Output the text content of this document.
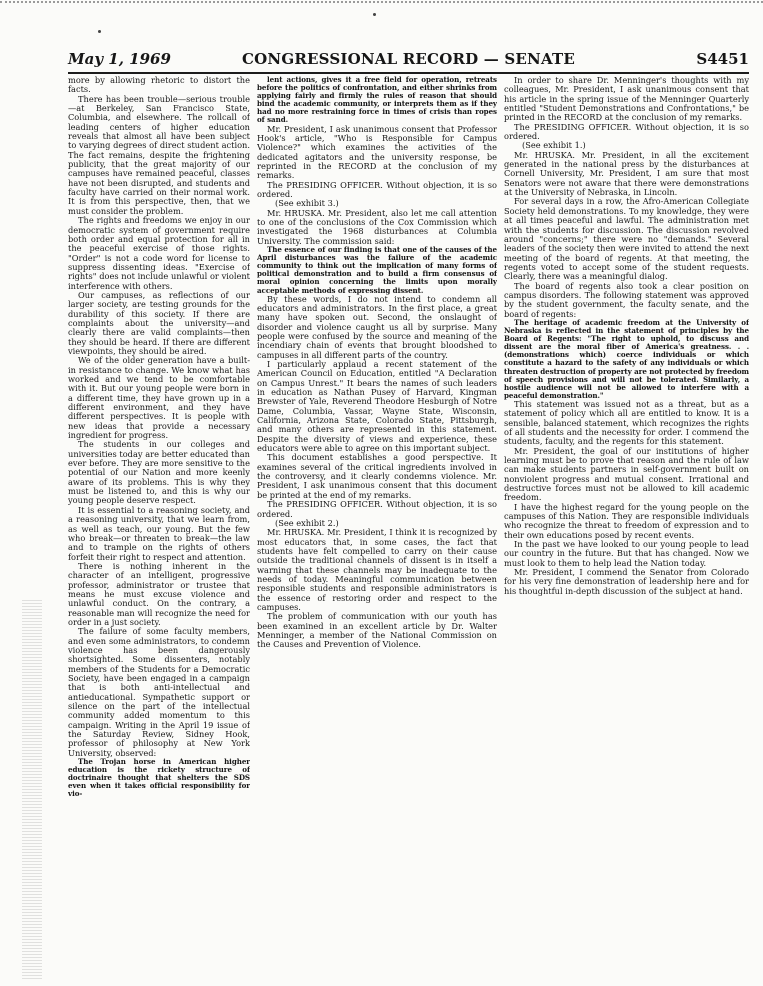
May 1, 1969	CONGRESSIONAL RECORD — SENATE	S4451

more by allowing rhetoric to distort the facts.

There has been trouble—serious trouble—at Berkeley, San Francisco State, Columbia, and elsewhere. The rollcall of leading centers of higher education reveals that almost all have been subject to varying degrees of direct student action. The fact remains, despite the frightening publicity, that the great majority of our campuses have remained peaceful, classes have not been disrupted, and students and faculty have carried on their normal work. It is from this perspective, then, that we must consider the problem.

The rights and freedoms we enjoy in our democratic system of government require both order and equal protection for all in the peaceful exercise of those rights. "Order" is not a code word for license to suppress dissenting ideas. "Exercise of rights" does not include unlawful or violent interference with others.

Our campuses, as reflections of our larger society, are testing grounds for the durability of this society. If there are complaints about the university—and clearly there are valid complaints—then they should be heard. If there are different viewpoints, they should be aired.

We of the older generation have a built-in resistance to change. We know what has worked and we tend to be comfortable with it. But our young people were born in a different time, they have grown up in a different environment, and they have different perspectives. It is people with new ideas that provide a necessary ingredient for progress.

The students in our colleges and universities today are better educated than ever before. They are more sensitive to the potential of our Nation and more keenly aware of its problems. This is why they must be listened to, and this is why our young people deserve respect.

It is essential to a reasoning society, and a reasoning university, that we learn from, as well as teach, our young. But the few who break—or threaten to break—the law and to trample on the rights of others forfeit their right to respect and attention.

There is nothing inherent in the character of an intelligent, progressive professor, administrator or trustee that means he must excuse violence and unlawful conduct. On the contrary, a reasonable man will recognize the need for order in a just society.

The failure of some faculty members, and even some administrators, to condemn violence has been dangerously shortsighted. Some dissenters, notably members of the Students for a Democratic Society, have been engaged in a campaign that is both anti-intellectual and antieducational. Sympathetic support or silence on the part of the intellectual community added momentum to this campaign. Writing in the April 19 issue of the Saturday Review, Sidney Hook, professor of philosophy at New York University, observed:

The Trojan horse in American higher education is the rickety structure of doctrinaire thought that shelters the SDS even when it takes official responsibility for vio-

lent actions, gives it a free field for operation, retreats before the politics of confrontation, and either shrinks from applying fairly and firmly the rules of reason that should bind the academic community, or interprets them as if they had no more restraining force in times of crisis than ropes of sand.

Mr. President, I ask unanimous consent that Professor Hook's article, "Who is Responsible for Campus Violence?" which examines the activities of the dedicated agitators and the university response, be reprinted in the RECORD at the conclusion of my remarks.

The PRESIDING OFFICER. Without objection, it is so ordered.

(See exhibit 3.)

Mr. HRUSKA. Mr. President, also let me call attention to one of the conclusions of the Cox Commission which investigated the 1968 disturbances at Columbia University. The commission said:

The essence of our finding is that one of the causes of the April disturbances was the failure of the academic community to think out the implication of many forms of political demonstration and to build a firm consensus of moral opinion concerning the limits upon morally acceptable methods of expressing dissent.

By these words, I do not intend to condemn all educators and administrators. In the first place, a great many have spoken out. Second, the onslaught of disorder and violence caught us all by surprise. Many people were confused by the source and meaning of the incendiary chain of events that brought bloodshed to campuses in all different parts of the country.

I particularly applaud a recent statement of the American Council on Education, entitled "A Declaration on Campus Unrest." It bears the names of such leaders in education as Nathan Pusey of Harvard, Kingman Brewster of Yale, Reverend Theodore Hesburgh of Notre Dame, Columbia, Vassar, Wayne State, Wisconsin, California, Arizona State, Colorado State, Pittsburgh, and many others are represented in this statement. Despite the diversity of views and experience, these educators were able to agree on this important subject.

This document establishes a good perspective. It examines several of the critical ingredients involved in the controversy, and it clearly condemns violence. Mr. President, I ask unanimous consent that this document be printed at the end of my remarks.

The PRESIDING OFFICER. Without objection, it is so ordered.

(See exhibit 2.)

Mr. HRUSKA. Mr. President, I think it is recognized by most educators that, in some cases, the fact that students have felt compelled to carry on their cause outside the traditional channels of dissent is in itself a warning that these channels may be inadequate to the needs of today. Meaningful communication between responsible students and responsible administrators is the essence of restoring order and respect to the campuses.

The problem of communication with our youth has been examined in an excellent article by Dr. Walter Menninger, a member of the National Commission on the Causes and Prevention of Violence.

In order to share Dr. Menninger's thoughts with my colleagues, Mr. President, I ask unanimous consent that his article in the spring issue of the Menninger Quarterly entitled "Student Demonstrations and Confrontations," be printed in the RECORD at the conclusion of my remarks.

The PRESIDING OFFICER. Without objection, it is so ordered.

(See exhibit 1.)

Mr. HRUSKA. Mr. President, in all the excitement generated in the national press by the disturbances at Cornell University, Mr. President, I am sure that most Senators were not aware that there were demonstrations at the University of Nebraska, in Lincoln.

For several days in a row, the Afro-American Collegiate Society held demonstrations. To my knowledge, they were at all times peaceful and lawful. The administration met with the students for discussion. The discussion revolved around "concerns;" there were no "demands." Several leaders of the society then were invited to attend the next meeting of the board of regents. At that meeting, the regents voted to accept some of the student requests. Clearly, there was a meaningful dialog.

The board of regents also took a clear position on campus disorders. The following statement was approved by the student government, the faculty senate, and the board of regents:

The heritage of academic freedom at the University of Nebraska is reflected in the statement of principles by the Board of Regents: "The right to uphold, to discuss and dissent are the moral fiber of America's greatness. . . (demonstrations which) coerce individuals or which constitute a hazard to the safety of any individuals or which threaten destruction of property are not protected by freedom of speech provisions and will not be tolerated. Similarly, a hostile audience will not be allowed to interfere with a peaceful demonstration."

This statement was issued not as a threat, but as a statement of policy which all are entitled to know. It is a sensible, balanced statement, which recognizes the rights of all students and the necessity for order. I commend the students, faculty, and the regents for this statement.

Mr. President, the goal of our institutions of higher learning must be to prove that reason and the rule of law can make students partners in self-government built on nonviolent progress and mutual consent. Irrational and destructive forces must not be allowed to kill academic freedom.

I have the highest regard for the young people on the campuses of this Nation. They are responsible individuals who recognize the threat to freedom of expression and to their own educations posed by recent events.

In the past we have looked to our young people to lead our country in the future. But that has changed. Now we must look to them to help lead the Nation today.

Mr. President, I commend the Senator from Colorado for his very fine demonstration of leadership here and for his thoughtful in-depth discussion of the subject at hand.
